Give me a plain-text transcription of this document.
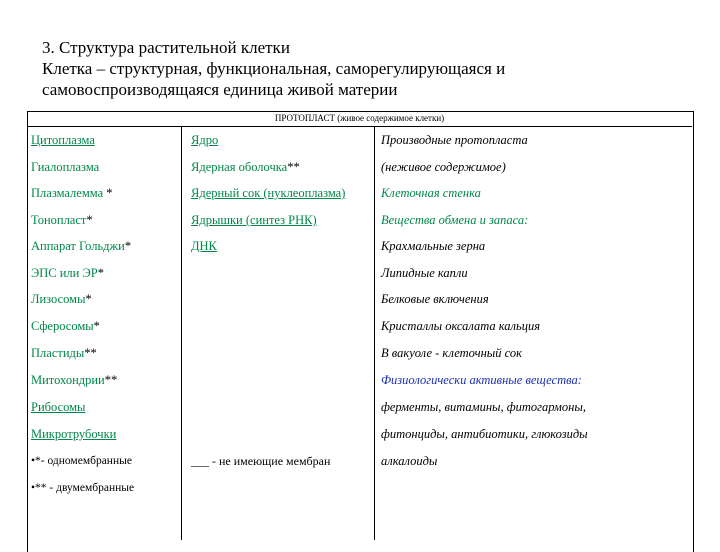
3. Структура растительной клетки
Клетка – структурная, функциональная, саморегулирующаяся и
самовоспроизводящаяся единица живой материи
ПРОТОПЛАСТ (живое содержимое клетки)
Цитоплазма
Гиалоплазма
Плазмалемма *
Тонопласт*
Аппарат Гольджи*
ЭПС или ЭР*
Лизосомы*
Сферосомы*
Пластиды**
Митохондрии**
Рибосомы
Микротрубочки
•*- одномембранные
•** - двумембранные
Ядро
Ядерная оболочка**
Ядерный сок (нуклеоплазма)
Ядрышки (синтез РНК)
ДНК
___ - не имеющие мембран
Производные протопласта
(неживое содержимое)
Клеточная стенка
Вещества обмена и запаса:
Крахмальные зерна
Липидные капли
Белковые включения
Кристаллы оксалата кальция
В вакуоле - клеточный сок
Физиологически активные вещества:
ферменты, витамины, фитогармоны,
фитонциды, антибиотики, глюкозиды
алкалоиды
